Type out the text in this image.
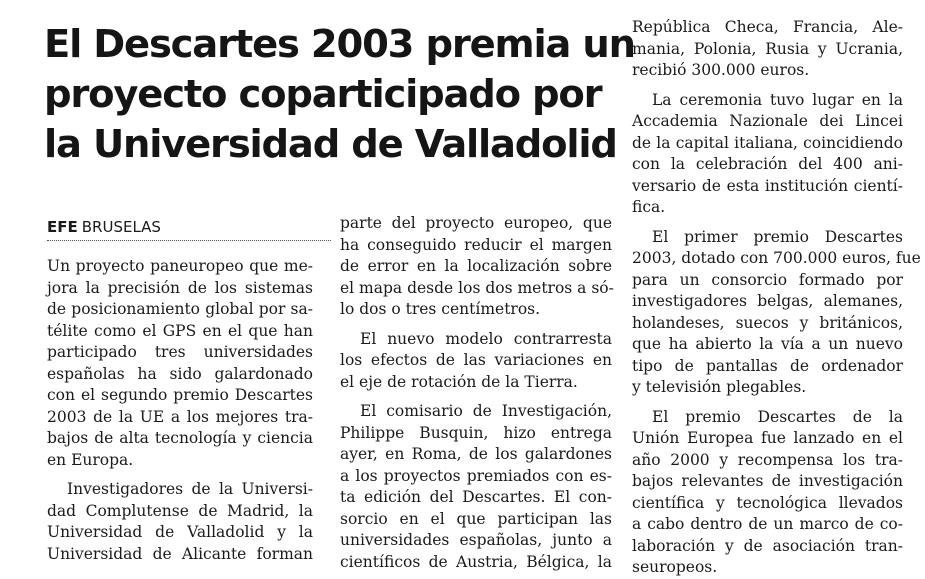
El Descartes 2003 premia un
proyecto coparticipado por
la Universidad de Valladolid
EFE BRUSELAS
Un proyecto paneuropeo que me-
jora la precisión de los sistemas
de posicionamiento global por sa-
télite como el GPS en el que han
participado tres universidades
españolas ha sido galardonado
con el segundo premio Descartes
2003 de la UE a los mejores tra-
bajos de alta tecnología y ciencia
en Europa.
Investigadores de la Universi-
dad Complutense de Madrid, la
Universidad de Valladolid y la
Universidad de Alicante forman
parte del proyecto europeo, que
ha conseguido reducir el margen
de error en la localización sobre
el mapa desde los dos metros a só-
lo dos o tres centímetros.
El nuevo modelo contrarresta
los efectos de las variaciones en
el eje de rotación de la Tierra.
El comisario de Investigación,
Philippe Busquin, hizo entrega
ayer, en Roma, de los galardones
a los proyectos premiados con es-
ta edición del Descartes. El con-
sorcio en el que participan las
universidades españolas, junto a
científicos de Austria, Bélgica, la
República Checa, Francia, Ale-
mania, Polonia, Rusia y Ucrania,
recibió 300.000 euros.
La ceremonia tuvo lugar en la
Accademia Nazionale dei Lincei
de la capital italiana, coincidiendo
con la celebración del 400 ani-
versario de esta institución cientí-
fica.
El primer premio Descartes
2003, dotado con 700.000 euros, fue
para un consorcio formado por
investigadores belgas, alemanes,
holandeses, suecos y británicos,
que ha abierto la vía a un nuevo
tipo de pantallas de ordenador
y televisión plegables.
El premio Descartes de la
Unión Europea fue lanzado en el
año 2000 y recompensa los tra-
bajos relevantes de investigación
científica y tecnológica llevados
a cabo dentro de un marco de co-
laboración y de asociación tran-
seuropeos.
